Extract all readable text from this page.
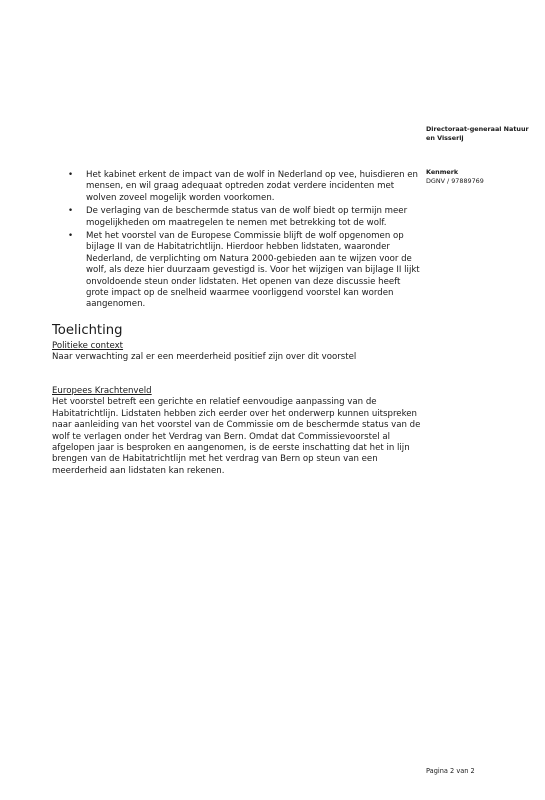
Directoraat-generaal Natuur
en Visserij
Kenmerk
DGNV / 97889769
• Het kabinet erkent de impact van de wolf in Nederland op vee, huisdieren en mensen, en wil graag adequaat optreden zodat verdere incidenten met wolven zoveel mogelijk worden voorkomen.
• De verlaging van de beschermde status van de wolf biedt op termijn meer mogelijkheden om maatregelen te nemen met betrekking tot de wolf.
• Met het voorstel van de Europese Commissie blijft de wolf opgenomen op bijlage II van de Habitatrichtlijn. Hierdoor hebben lidstaten, waaronder Nederland, de verplichting om Natura 2000-gebieden aan te wijzen voor de wolf, als deze hier duurzaam gevestigd is. Voor het wijzigen van bijlage II lijkt onvoldoende steun onder lidstaten. Het openen van deze discussie heeft grote impact op de snelheid waarmee voorliggend voorstel kan worden aangenomen.
Toelichting
Politieke context

Naar verwachting zal er een meerderheid positief zijn over dit voorstel

Europees Krachtenveld

Het voorstel betreft een gerichte en relatief eenvoudige aanpassing van de Habitatrichtlijn. Lidstaten hebben zich eerder over het onderwerp kunnen uitspreken naar aanleiding van het voorstel van de Commissie om de beschermde status van de wolf te verlagen onder het Verdrag van Bern. Omdat dat Commissievoorstel al afgelopen jaar is besproken en aangenomen, is de eerste inschatting dat het in lijn brengen van de Habitatrichtlijn met het verdrag van Bern op steun van een meerderheid aan lidstaten kan rekenen.

Pagina 2 van 2
